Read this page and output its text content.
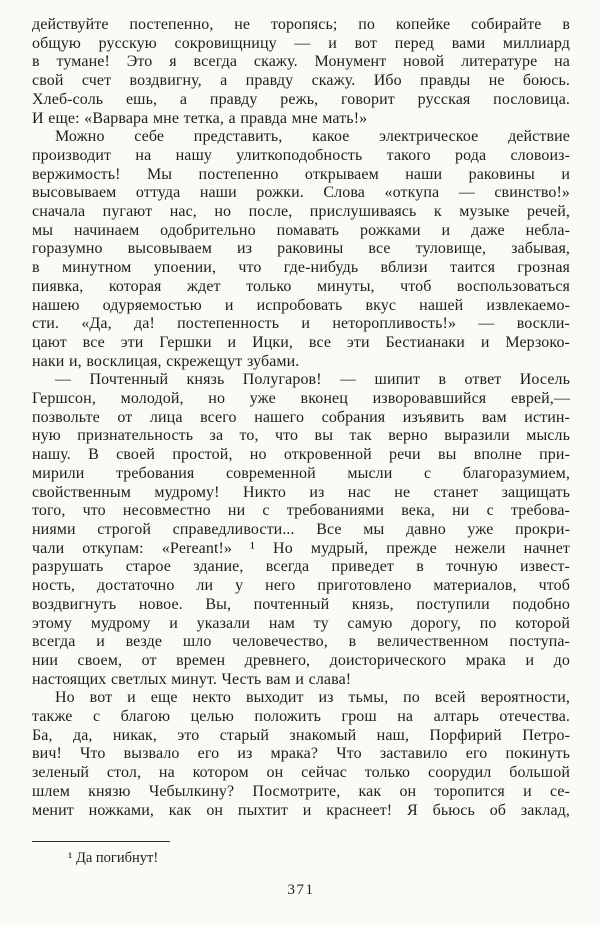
действуйте постепенно, не торопясь; по копейке собирайте в
общую русскую сокровищницу — и вот перед вами миллиард
в тумане! Это я всегда скажу. Монумент новой литературе на
свой счет воздвигну, а правду скажу. Ибо правды не боюсь.
Хлеб-соль ешь, а правду режь, говорит русская пословица.
И еще: «Варвара мне тетка, а правда мне мать!»
Можно себе представить, какое электрическое действие
производит на нашу улиткоподобность такого рода словоиз-
вержимость! Мы постепенно открываем наши раковины и
высовываем оттуда наши рожки. Слова «откупа — свинство!»
сначала пугают нас, но после, прислушиваясь к музыке речей,
мы начинаем одобрительно помавать рожками и даже небла-
горазумно высовываем из раковины все туловище, забывая,
в минутном упоении, что где-нибудь вблизи таится грозная
пиявка, которая ждет только минуты, чтоб воспользоваться
нашею одуряемостью и испробовать вкус нашей извлекаемо-
сти. «Да, да! постепенность и неторопливость!» — воскли-
цают все эти Гершки и Ицки, все эти Бестианаки и Мерзоко-
наки и, восклицая, скрежещут зубами.
— Почтенный князь Полугаров! — шипит в ответ Иосель
Гершсон, молодой, но уже вконец изворовавшийся еврей,—
позвольте от лица всего нашего собрания изъявить вам истин-
ную признательность за то, что вы так верно выразили мысль
нашу. В своей простой, но откровенной речи вы вполне при-
мирили требования современной мысли с благоразумием,
свойственным мудрому! Никто из нас не станет защищать
того, что несовместно ни с требованиями века, ни с требова-
ниями строгой справедливости... Все мы давно уже прокри-
чали откупам: «Pereant!» ¹ Но мудрый, прежде нежели начнет
разрушать старое здание, всегда приведет в точную извест-
ность, достаточно ли у него приготовлено материалов, чтоб
воздвигнуть новое. Вы, почтенный князь, поступили подобно
этому мудрому и указали нам ту самую дорогу, по которой
всегда и везде шло человечество, в величественном поступа-
нии своем, от времен древнего, доисторического мрака и до
настоящих светлых минут. Честь вам и слава!
Но вот и еще некто выходит из тьмы, по всей вероятности,
также с благою целью положить грош на алтарь отечества.
Ба, да, никак, это старый знакомый наш, Порфирий Петро-
вич! Что вызвало его из мрака? Что заставило его покинуть
зеленый стол, на котором он сейчас только соорудил большой
шлем князю Чебылкину? Посмотрите, как он торопится и се-
менит ножками, как он пыхтит и краснеет! Я бьюсь об заклад,
¹ Да погибнут!
371
